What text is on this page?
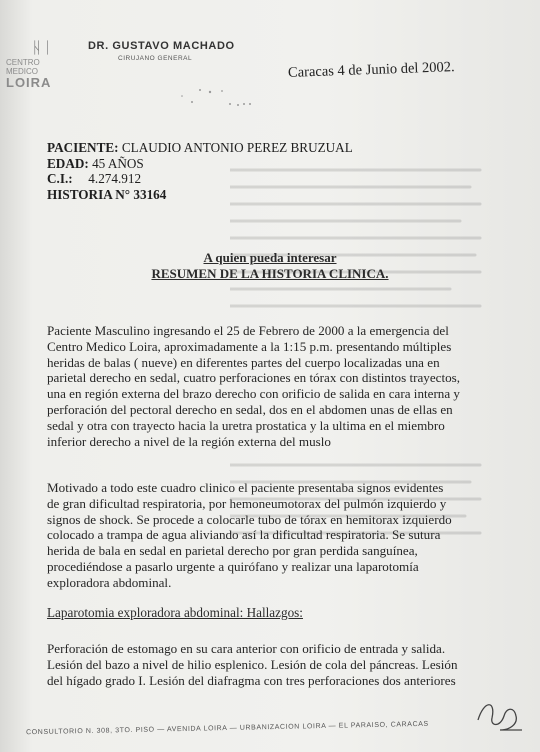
ᚺᛁ
CENTRO
MEDICO
LOIRA
DR. GUSTAVO MACHADO
CIRUJANO GENERAL
Caracas 4 de Junio del 2002.
PACIENTE: CLAUDIO ANTONIO PEREZ BRUZUAL
EDAD: 45 AÑOS
C.I.: 4.274.912
HISTORIA N° 33164
A quien pueda interesar
RESUMEN DE LA HISTORIA CLINICA.
Paciente Masculino ingresando el 25 de Febrero de 2000 a la emergencia del
Centro Medico Loira, aproximadamente a la 1:15 p.m. presentando múltiples
heridas de balas ( nueve) en diferentes partes del cuerpo localizadas una en
parietal derecho en sedal, cuatro perforaciones en tórax con distintos trayectos,
una en región externa del brazo derecho con orificio de salida en cara interna y
perforación del pectoral derecho en sedal, dos en el abdomen unas de ellas en
sedal y otra con trayecto hacia la uretra prostatica y la ultima en el miembro
inferior derecho a nivel de la región externa del muslo
Motivado a todo este cuadro clinico el paciente presentaba signos evidentes
de gran dificultad respiratoria, por hemoneumotorax del pulmón izquierdo y
signos de shock. Se procede a colocarle tubo de tórax en hemitorax izquierdo
colocado a trampa de agua aliviando así la dificultad respiratoria. Se sutura
herida de bala en sedal en parietal derecho por gran perdida sanguínea,
procediéndose a pasarlo urgente a quirófano y realizar una laparotomía
exploradora abdominal.
Laparotomia exploradora abdominal: Hallazgos:
Perforación de estomago en su cara anterior con orificio de entrada y salida.
Lesión del bazo a nivel de hilio esplenico. Lesión de cola del páncreas. Lesión
del hígado grado I. Lesión del diafragma con tres perforaciones dos anteriores
CONSULTORIO N. 308, 3TO. PISO — AVENIDA LOIRA — URBANIZACION LOIRA — EL PARAISO, CARACAS
